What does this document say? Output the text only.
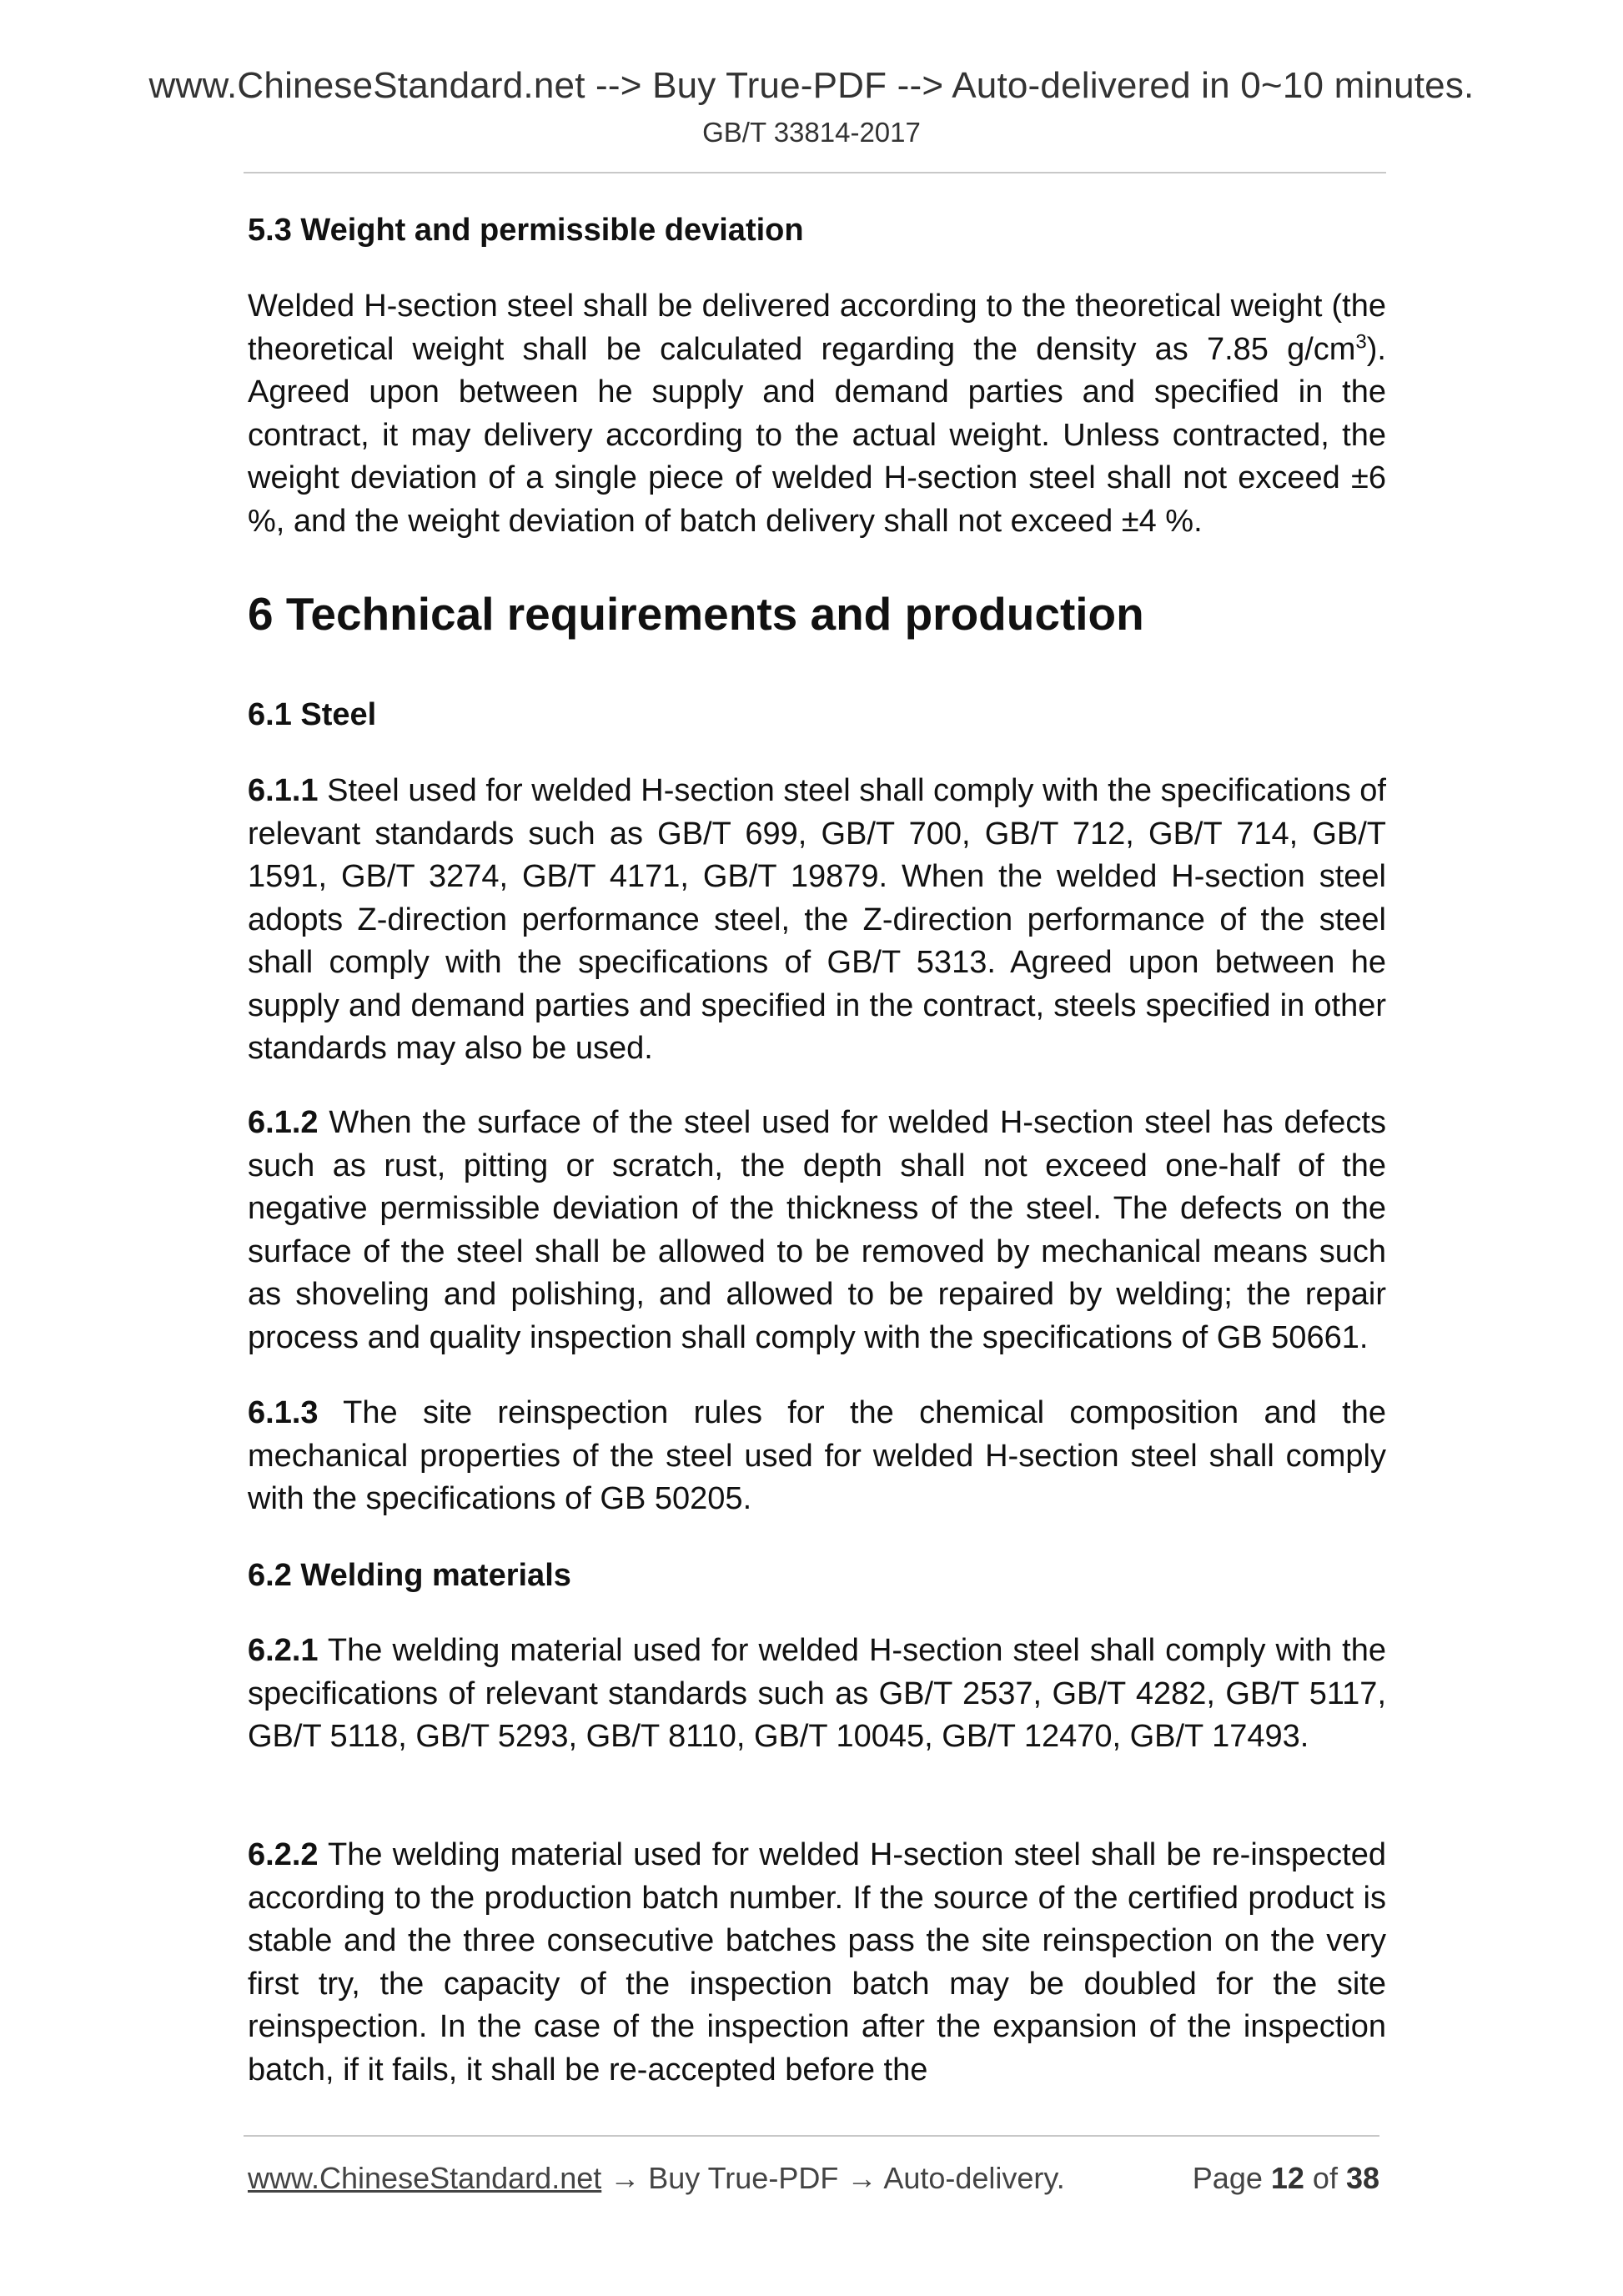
www.ChineseStandard.net --> Buy True-PDF --> Auto-delivered in 0~10 minutes.
GB/T 33814-2017
5.3 Weight and permissible deviation
Welded H-section steel shall be delivered according to the theoretical weight (the theoretical weight shall be calculated regarding the density as 7.85 $g/cm^3$). Agreed upon between he supply and demand parties and specified in the contract, it may delivery according to the actual weight. Unless contracted, the weight deviation of a single piece of welded H-section steel shall not exceed ±6 %, and the weight deviation of batch delivery shall not exceed ±4 %.
6 Technical requirements and production
6.1 Steel
6.1.1 Steel used for welded H-section steel shall comply with the specifications of relevant standards such as GB/T 699, GB/T 700, GB/T 712, GB/T 714, GB/T 1591, GB/T 3274, GB/T 4171, GB/T 19879. When the welded H-section steel adopts Z-direction performance steel, the Z-direction performance of the steel shall comply with the specifications of GB/T 5313. Agreed upon between he supply and demand parties and specified in the contract, steels specified in other standards may also be used.
6.1.2 When the surface of the steel used for welded H-section steel has defects such as rust, pitting or scratch, the depth shall not exceed one-half of the negative permissible deviation of the thickness of the steel. The defects on the surface of the steel shall be allowed to be removed by mechanical means such as shoveling and polishing, and allowed to be repaired by welding; the repair process and quality inspection shall comply with the specifications of GB 50661.
6.1.3 The site reinspection rules for the chemical composition and the mechanical properties of the steel used for welded H-section steel shall comply with the specifications of GB 50205.
6.2 Welding materials
6.2.1 The welding material used for welded H-section steel shall comply with the specifications of relevant standards such as GB/T 2537, GB/T 4282, GB/T 5117, GB/T 5118, GB/T 5293, GB/T 8110, GB/T 10045, GB/T 12470, GB/T 17493.
6.2.2 The welding material used for welded H-section steel shall be re-inspected according to the production batch number. If the source of the certified product is stable and the three consecutive batches pass the site reinspection on the very first try, the capacity of the inspection batch may be doubled for the site reinspection. In the case of the inspection after the expansion of the inspection batch, if it fails, it shall be re-accepted before the
www.ChineseStandard.net → Buy True-PDF → Auto-delivery.	Page 12 of 38
